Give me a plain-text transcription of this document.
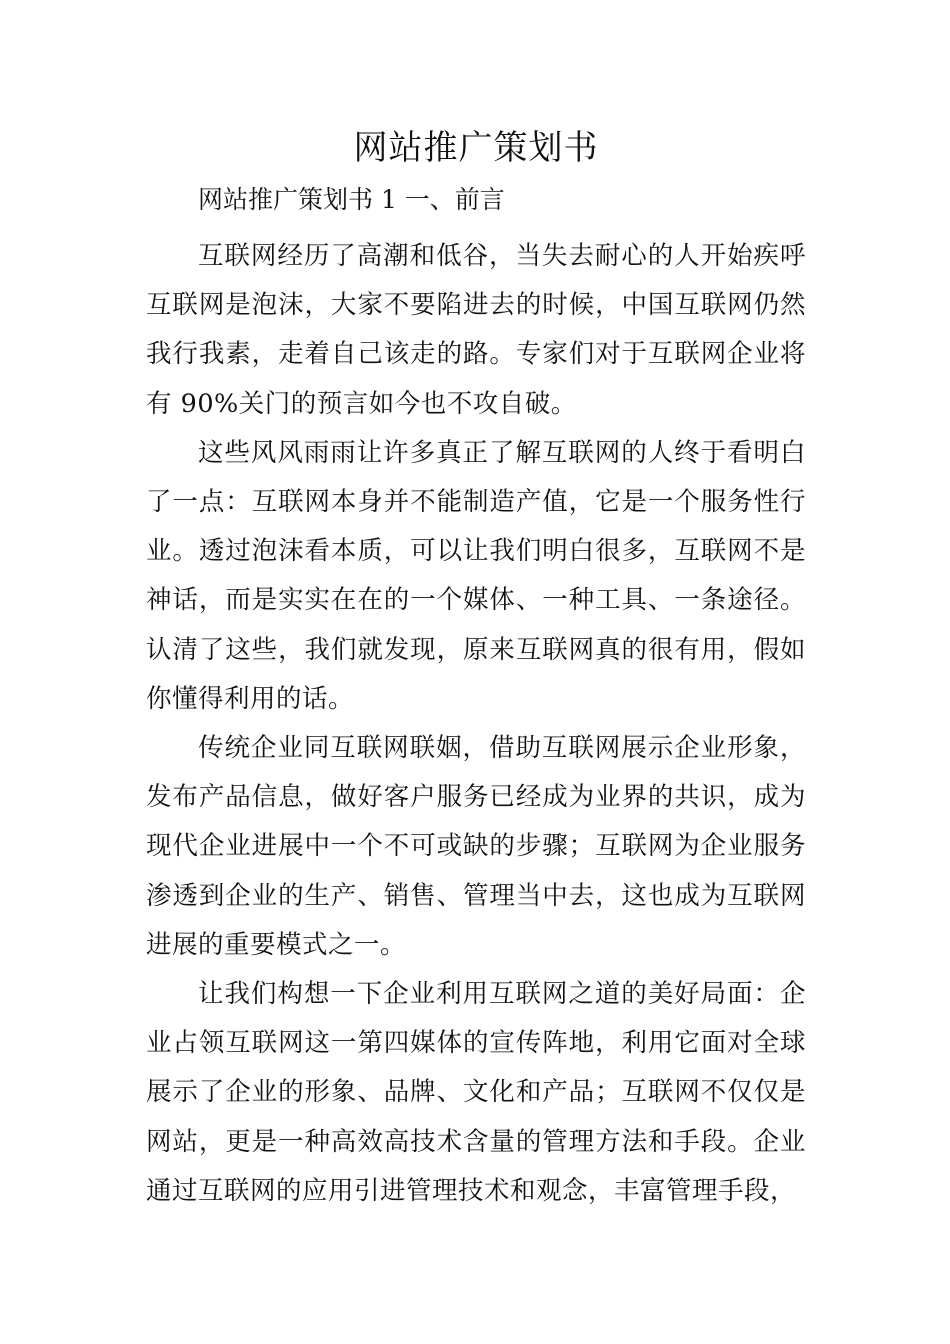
网站推广策划书

网站推广策划书 1 一、前言

互联网经历了高潮和低谷，当失去耐心的人开始疾呼互联网是泡沫，大家不要陷进去的时候，中国互联网仍然我行我素，走着自己该走的路。专家们对于互联网企业将有 90%关门的预言如今也不攻自破。

这些风风雨雨让许多真正了解互联网的人终于看明白了一点：互联网本身并不能制造产值，它是一个服务性行业。透过泡沫看本质，可以让我们明白很多，互联网不是神话，而是实实在在的一个媒体、一种工具、一条途径。认清了这些，我们就发现，原来互联网真的很有用，假如你懂得利用的话。

传统企业同互联网联姻，借助互联网展示企业形象，发布产品信息，做好客户服务已经成为业界的共识，成为现代企业进展中一个不可或缺的步骤；互联网为企业服务渗透到企业的生产、销售、管理当中去，这也成为互联网进展的重要模式之一。

让我们构想一下企业利用互联网之道的美好局面：企业占领互联网这一第四媒体的宣传阵地，利用它面对全球展示了企业的形象、品牌、文化和产品；互联网不仅仅是网站，更是一种高效高技术含量的管理方法和手段。企业通过互联网的应用引进管理技术和观念，丰富管理手段，
